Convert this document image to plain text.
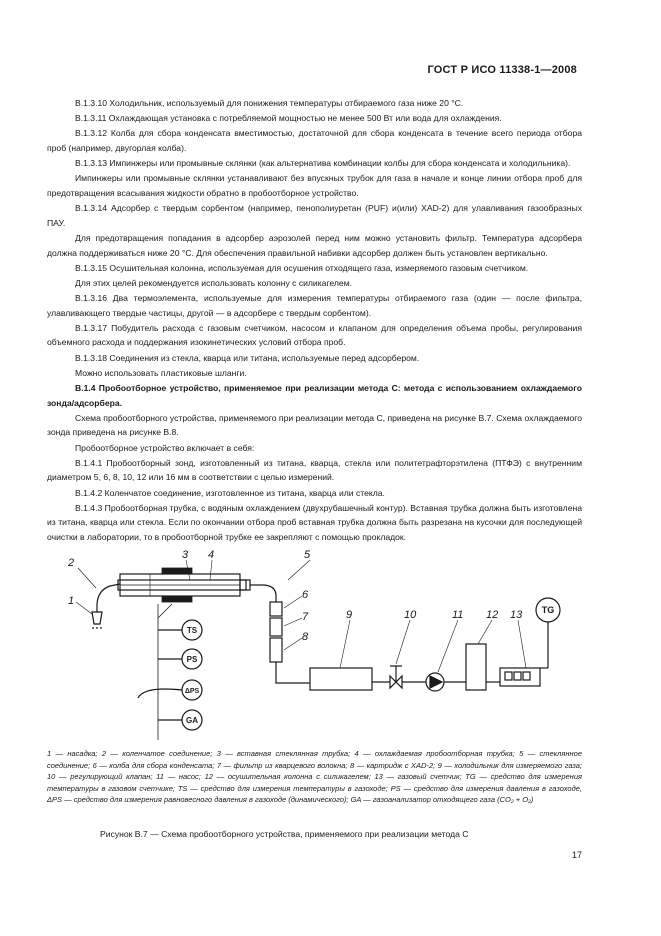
ГОСТ Р ИСО 11338-1—2008

В.1.3.10 Холодильник, используемый для понижения температуры отбираемого газа ниже 20 °С.

В.1.3.11 Охлаждающая установка с потребляемой мощностью не менее 500 Вт или вода для охлаждения.

В.1.3.12 Колба для сбора конденсата вместимостью, достаточной для сбора конденсата в течение всего периода отбора проб (например, двугорлая колба).

В.1.3.13 Импинжеры или промывные склянки (как альтернатива комбинации колбы для сбора конденсата и холодильника).

Импинжеры или промывные склянки устанавливают без впускных трубок для газа в начале и конце линии отбора проб для предотвращения всасывания жидкости обратно в пробоотборное устройство.

В.1.3.14 Адсорбер с твердым сорбентом (например, пенополиуретан (PUF) и(или) XAD-2) для улавливания газообразных ПАУ.

Для предотвращения попадания в адсорбер аэрозолей перед ним можно установить фильтр. Температура адсорбера должна поддерживаться ниже 20 °С. Для обеспечения правильной набивки адсорбер должен быть установлен вертикально.

В.1.3.15 Осушительная колонна, используемая для осушения отходящего газа, измеряемого газовым счетчиком.

Для этих целей рекомендуется использовать колонну с силикагелем.

В.1.3.16 Два термоэлемента, используемые для измерения температуры отбираемого газа (один — после фильтра, улавливающего твердые частицы, другой — в адсорбере с твердым сорбентом).

В.1.3.17 Побудитель расхода с газовым счетчиком, насосом и клапаном для определения объема пробы, регулирования объемного расхода и поддержания изокинетических условий отбора проб.

В.1.3.18 Соединения из стекла, кварца или титана, используемые перед адсорбером.

Можно использовать пластиковые шланги.

В.1.4 Пробоотборное устройство, применяемое при реализации метода С: метода с использованием охлаждаемого зонда/адсорбера.

Схема пробоотборного устройства, применяемого при реализации метода С, приведена на рисунке В.7. Схема охлаждаемого зонда приведена на рисунке В.8.

Пробоотборное устройство включает в себя:

В.1.4.1 Пробоотборный зонд, изготовленный из титана, кварца, стекла или политетрафторэтилена (ПТФЭ) с внутренним диаметром 5, 6, 8, 10, 12 или 16 мм в соответствии с целью измерений.

В.1.4.2 Коленчатое соединение, изготовленное из титана, кварца или стекла.

В.1.4.3 Пробоотборная трубка, с водяным охлаждением (двухрубашечный контур). Вставная трубка должна быть изготовлена из титана, кварца или стекла. Если по окончании отбора проб вставная трубка должна быть разрезана на кусочки для последующей очистки в лаборатории, то в пробоотборной трубке ее закрепляют с помощью прокладок.

TG
TS
PS
ΔPS
GA
1
2
3 4	5
6
7
8
9	10	11 12 13
1 — насадка; 2 — коленчатое соединение; 3 — вставная стеклянная трубка; 4 — охлаждаемая пробоотборная трубка; 5 — стеклянное соединение; 6 — колба для сбора конденсата; 7 — фильтр из кварцевого волокна; 8 — картридж с XAD-2; 9 — холодильник для измеряемого газа; 10 — регулирующий клапан; 11 — насос; 12 — осушительная колонна с силикагелем; 13 — газовый счетчик; TG — средство для измерения температуры в газовом счетчике; TS — средство для измерения температуры в газоходе; PS — средство для измерения давления в газоходе, ΔPS — средство для измерения равновесного давления в газоходе (динамического); GA — газоанализатор отходящего газа (CO₂ + O₂)
Рисунок В.7 — Схема пробоотборного устройства, применяемого при реализации метода С
17
